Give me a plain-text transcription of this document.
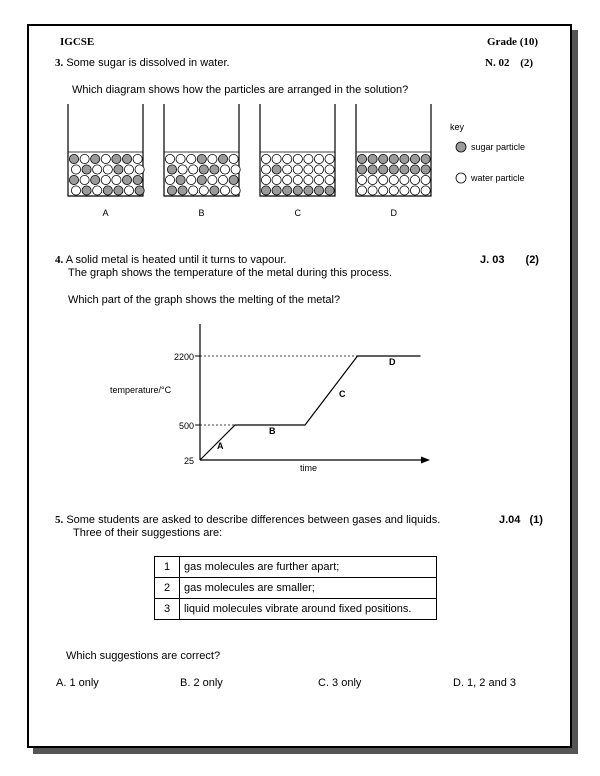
IGCSE	Grade (10)
3. Some sugar is dissolved in water.	N. 02 (2)
Which diagram shows how the particles are arranged in the solution?
A	B	C	D
key
sugar particle
water particle
4. A solid metal is heated until it turns to vapour.
The graph shows the temperature of the metal during this process.
J. 03 (2)
Which part of the graph shows the melting of the metal?
2200
500
25
A
B
C
D
temperature/°C
time
5. Some students are asked to describe differences between gases and liquids.
Three of their suggestions are:
J.04 (1)
1	gas molecules are further apart;
2	gas molecules are smaller;
3	liquid molecules vibrate around fixed positions.
Which suggestions are correct?
A. 1 only	B. 2 only	C. 3 only	D. 1, 2 and 3
